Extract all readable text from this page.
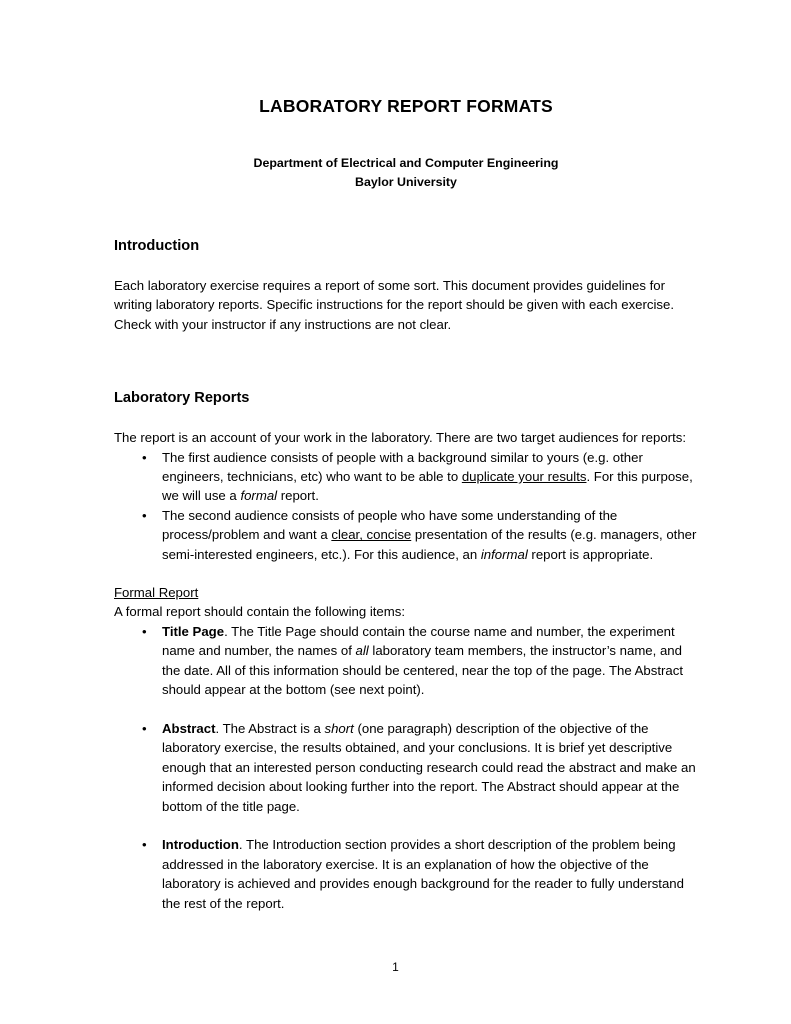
LABORATORY REPORT FORMATS
Department of Electrical and Computer Engineering
Baylor University
Introduction

Each laboratory exercise requires a report of some sort. This document provides guidelines for writing laboratory reports. Specific instructions for the report should be given with each exercise. Check with your instructor if any instructions are not clear.

Laboratory Reports

The report is an account of your work in the laboratory. There are two target audiences for reports:

• The first audience consists of people with a background similar to yours (e.g. other engineers, technicians, etc) who want to be able to duplicate your results. For this purpose, we will use a formal report.
• The second audience consists of people who have some understanding of the process/problem and want a clear, concise presentation of the results (e.g. managers, other semi-interested engineers, etc.). For this audience, an informal report is appropriate.

Formal Report

A formal report should contain the following items:

• Title Page. The Title Page should contain the course name and number, the experiment name and number, the names of all laboratory team members, the instructor’s name, and the date. All of this information should be centered, near the top of the page. The Abstract should appear at the bottom (see next point).
• Abstract. The Abstract is a short (one paragraph) description of the objective of the laboratory exercise, the results obtained, and your conclusions. It is brief yet descriptive enough that an interested person conducting research could read the abstract and make an informed decision about looking further into the report. The Abstract should appear at the bottom of the title page.
• Introduction. The Introduction section provides a short description of the problem being addressed in the laboratory exercise. It is an explanation of how the objective of the laboratory is achieved and provides enough background for the reader to fully understand the rest of the report.
1
